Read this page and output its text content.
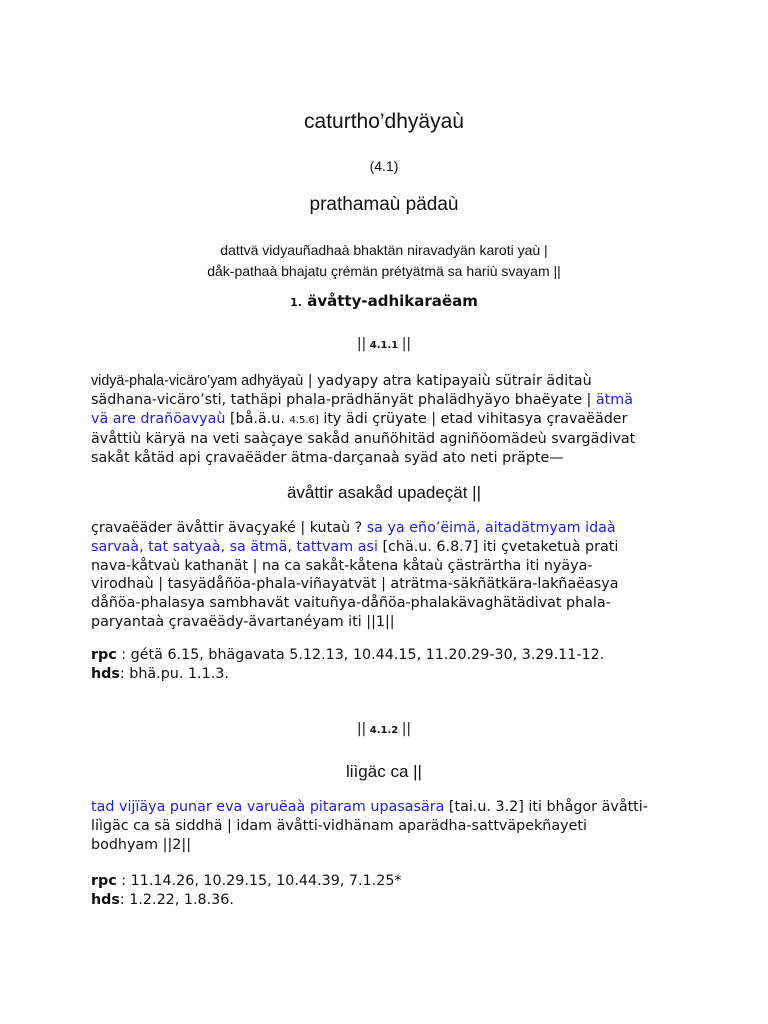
caturtho’dhyäyaù
(4.1)
prathamaù pädaù
dattvä vidyauñadhaà bhaktän niravadyän karoti yaù |
dåk-pathaà bhajatu çrémän prétyätmä sa hariù svayam ||
1. ävåtty-adhikaraëam
|| 4.1.1 ||
vidyä-phala-vicäro’yam adhyäyaù | yadyapy atra katipayaiù sütrair äditaù
sädhana-vicäro’sti, tathäpi phala-prädhänyät phalädhyäyo bhaëyate | ätmä
vä are drañöavyaù [bå.ä.u. 4.5.6] ity ädi çrüyate | etad vihitasya çravaëäder
ävåttiù käryä na veti saàçaye sakåd anuñöhitäd agniñöomädeù svargädivat
sakåt kåtäd api çravaëäder ätma-darçanaà syäd ato neti präpte—
ävåttir asakåd upadeçät ||
çravaëäder ävåttir ävaçyaké | kutaù ? sa ya eño’ëimä, aitadätmyam idaà
sarvaà, tat satyaà, sa ätmä, tattvam asi [chä.u. 6.8.7] iti çvetaketuà prati
nava-kåtvaù kathanät | na ca sakåt-kåtena kåtaù çästrärtha iti nyäya-
virodhaù | tasyädåñöa-phala-viñayatvät | aträtma-säkñätkära-lakñaëasya
dåñöa-phalasya sambhavät vaituñya-dåñöa-phalakävaghätädivat phala-
paryantaà çravaëädy-ävartanéyam iti ||1||
rpc : gétä 6.15, bhägavata 5.12.13, 10.44.15, 11.20.29-30, 3.29.11-12.
hds: bhä.pu. 1.1.3.
|| 4.1.2 ||
liìgäc ca ||
tad vijïäya punar eva varuëaà pitaram upasasära [tai.u. 3.2] iti bhågor ävåtti-
liìgäc ca sä siddhä | idam ävåtti-vidhänam aparädha-sattväpekñayeti
bodhyam ||2||
rpc : 11.14.26, 10.29.15, 10.44.39, 7.1.25*
hds: 1.2.22, 1.8.36.
